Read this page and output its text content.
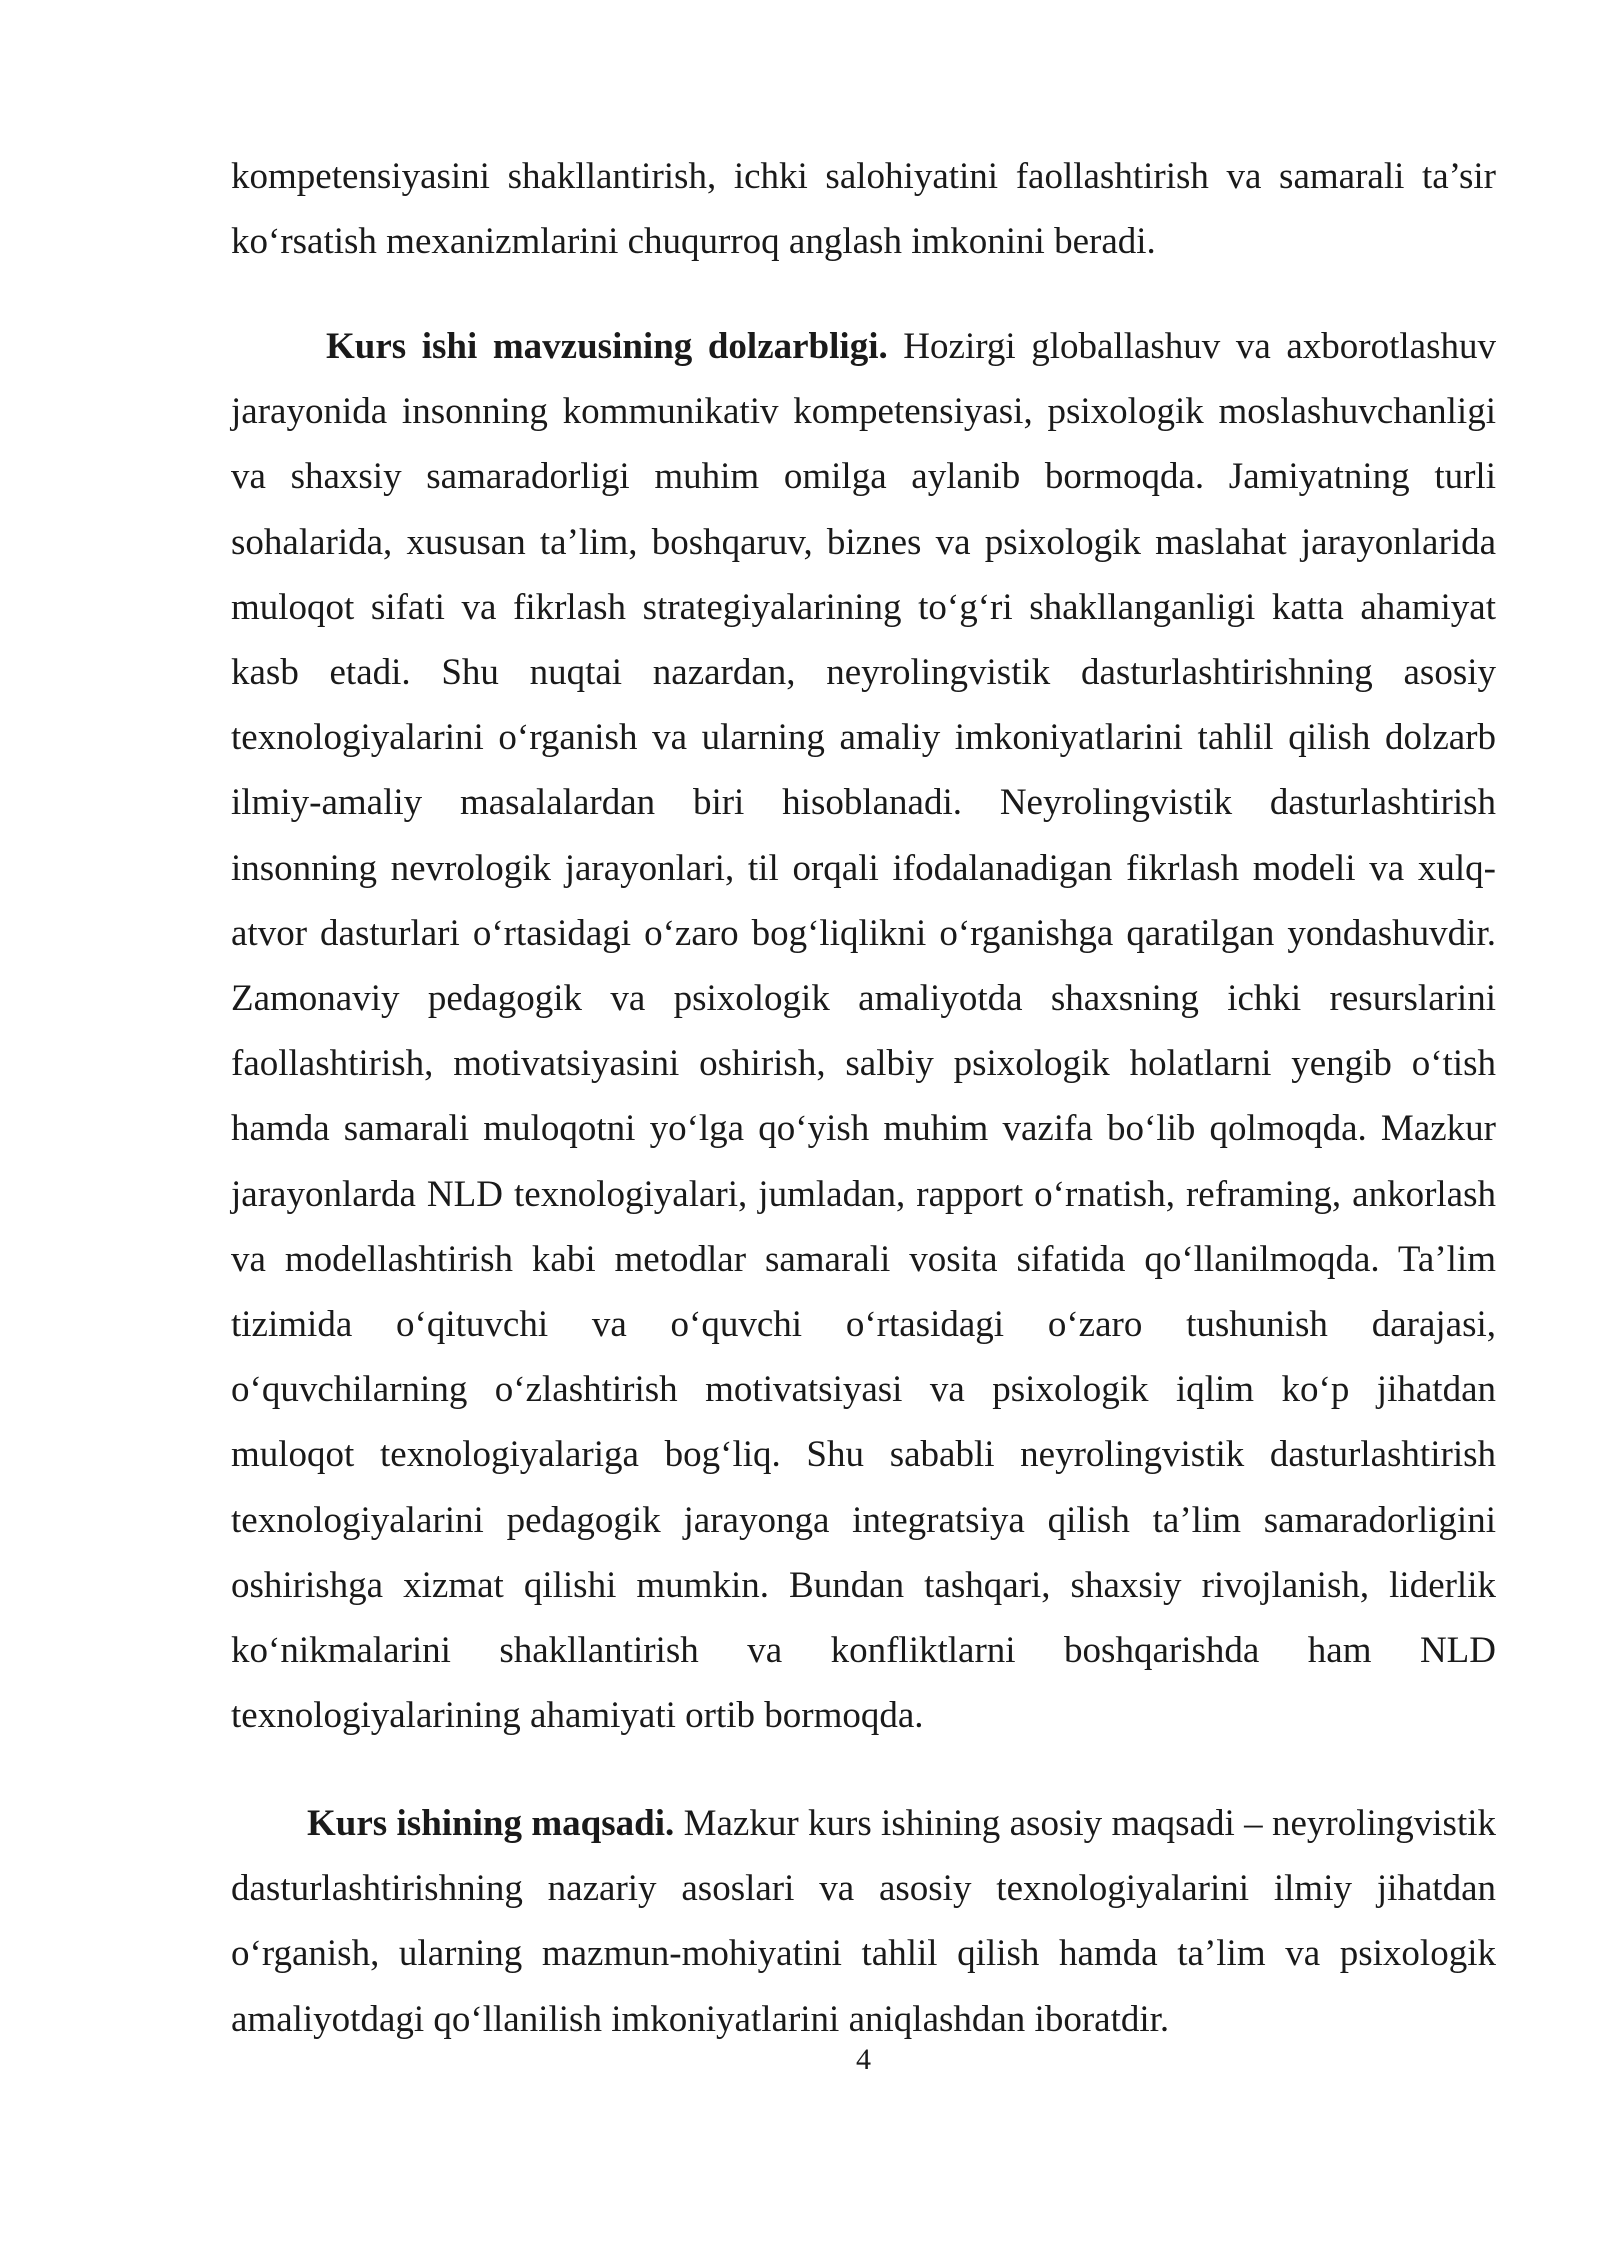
kompetensiyasini shakllantirish, ichki salohiyatini faollashtirish va samarali ta’sir ko‘rsatish mexanizmlarini chuqurroq anglash imkonini beradi.

Kurs ishi mavzusining dolzarbligi. Hozirgi globallashuv va axborotlashuv jarayonida insonning kommunikativ kompetensiyasi, psixologik moslashuvchanligi va shaxsiy samaradorligi muhim omilga aylanib bormoqda. Jamiyatning turli sohalarida, xususan ta’lim, boshqaruv, biznes va psixologik maslahat jarayonlarida muloqot sifati va fikrlash strategiyalarining to‘g‘ri shakllanganligi katta ahamiyat kasb etadi. Shu nuqtai nazardan, neyrolingvistik dasturlashtirishning asosiy texnologiyalarini o‘rganish va ularning amaliy imkoniyatlarini tahlil qilish dolzarb ilmiy-amaliy masalalardan biri hisoblanadi. Neyrolingvistik dasturlashtirish insonning nevrologik jarayonlari, til orqali ifodalanadigan fikrlash modeli va xulq-atvor dasturlari o‘rtasidagi o‘zaro bog‘liqlikni o‘rganishga qaratilgan yondashuvdir. Zamonaviy pedagogik va psixologik amaliyotda shaxsning ichki resurslarini faollashtirish, motivatsiyasini oshirish, salbiy psixologik holatlarni yengib o‘tish hamda samarali muloqotni yo‘lga qo‘yish muhim vazifa bo‘lib qolmoqda. Mazkur jarayonlarda NLD texnologiyalari, jumladan, rapport o‘rnatish, reframing, ankorlash va modellashtirish kabi metodlar samarali vosita sifatida qo‘llanilmoqda. Ta’lim tizimida o‘qituvchi va o‘quvchi o‘rtasidagi o‘zaro tushunish darajasi, o‘quvchilarning o‘zlashtirish motivatsiyasi va psixologik iqlim ko‘p jihatdan muloqot texnologiyalariga bog‘liq. Shu sababli neyrolingvistik dasturlashtirish texnologiyalarini pedagogik jarayonga integratsiya qilish ta’lim samaradorligini oshirishga xizmat qilishi mumkin. Bundan tashqari, shaxsiy rivojlanish, liderlik ko‘nikmalarini shakllantirish va konfliktlarni boshqarishda ham NLD texnologiyalarining ahamiyati ortib bormoqda.

Kurs ishining maqsadi. Mazkur kurs ishining asosiy maqsadi – neyrolingvistik dasturlashtirishning nazariy asoslari va asosiy texnologiyalarini ilmiy jihatdan o‘rganish, ularning mazmun-mohiyatini tahlil qilish hamda ta’lim va psixologik amaliyotdagi qo‘llanilish imkoniyatlarini aniqlashdan iboratdir.

4
